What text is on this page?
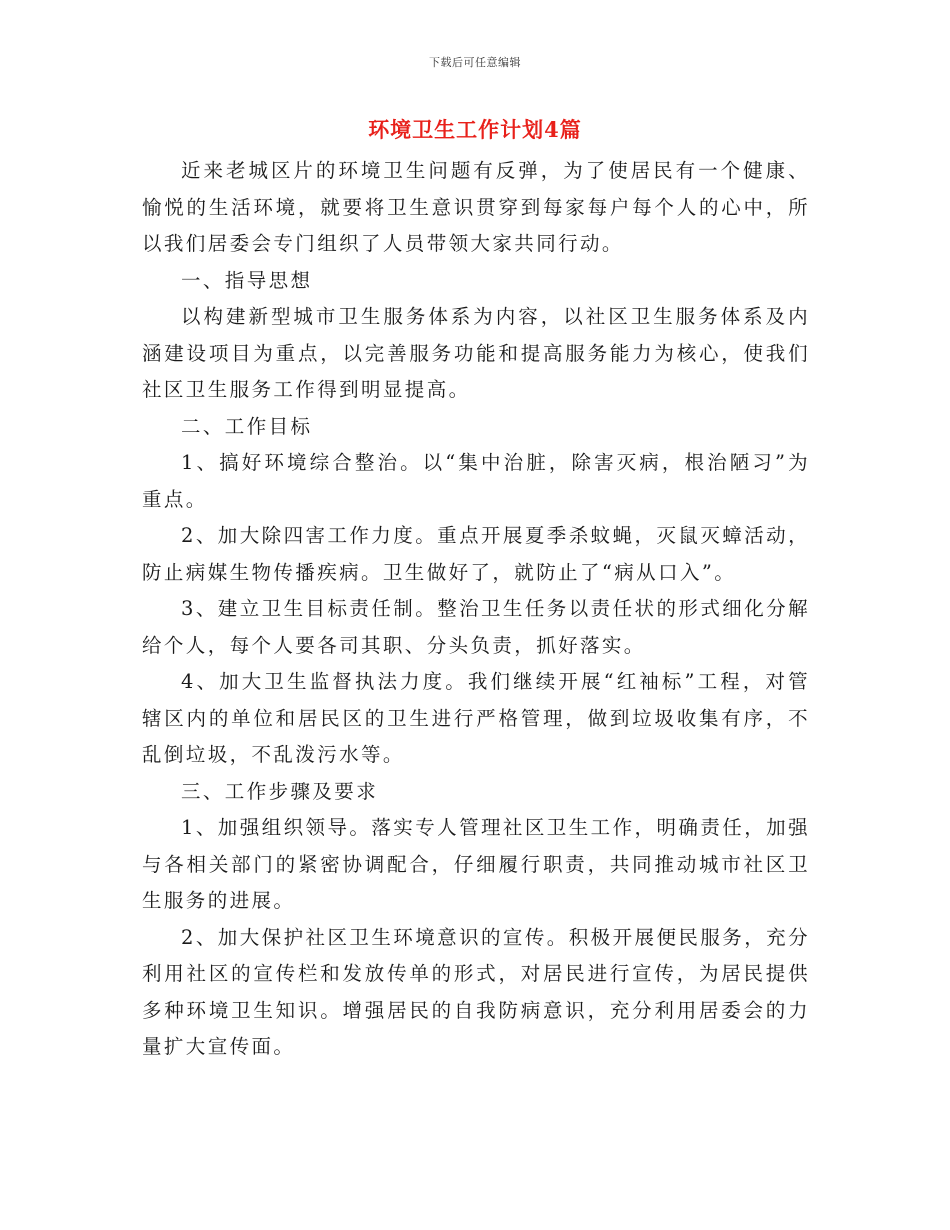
下载后可任意编辑
环境卫生工作计划4篇

近来老城区片的环境卫生问题有反弹，为了使居民有一个健康、愉悦的生活环境，就要将卫生意识贯穿到每家每户每个人的心中，所以我们居委会专门组织了人员带领大家共同行动。

一、指导思想

以构建新型城市卫生服务体系为内容，以社区卫生服务体系及内涵建设项目为重点，以完善服务功能和提高服务能力为核心，使我们社区卫生服务工作得到明显提高。

二、工作目标

1、搞好环境综合整治。以“集中治脏，除害灭病，根治陋习”为重点。

2、加大除四害工作力度。重点开展夏季杀蚊蝇，灭鼠灭蟑活动，防止病媒生物传播疾病。卫生做好了，就防止了“病从口入”。

3、建立卫生目标责任制。整治卫生任务以责任状的形式细化分解给个人，每个人要各司其职、分头负责，抓好落实。

4、加大卫生监督执法力度。我们继续开展“红袖标”工程，对管辖区内的单位和居民区的卫生进行严格管理，做到垃圾收集有序，不乱倒垃圾，不乱泼污水等。

三、工作步骤及要求

1、加强组织领导。落实专人管理社区卫生工作，明确责任，加强与各相关部门的紧密协调配合，仔细履行职责，共同推动城市社区卫生服务的进展。

2、加大保护社区卫生环境意识的宣传。积极开展便民服务，充分利用社区的宣传栏和发放传单的形式，对居民进行宣传，为居民提供多种环境卫生知识。增强居民的自我防病意识，充分利用居委会的力量扩大宣传面。
